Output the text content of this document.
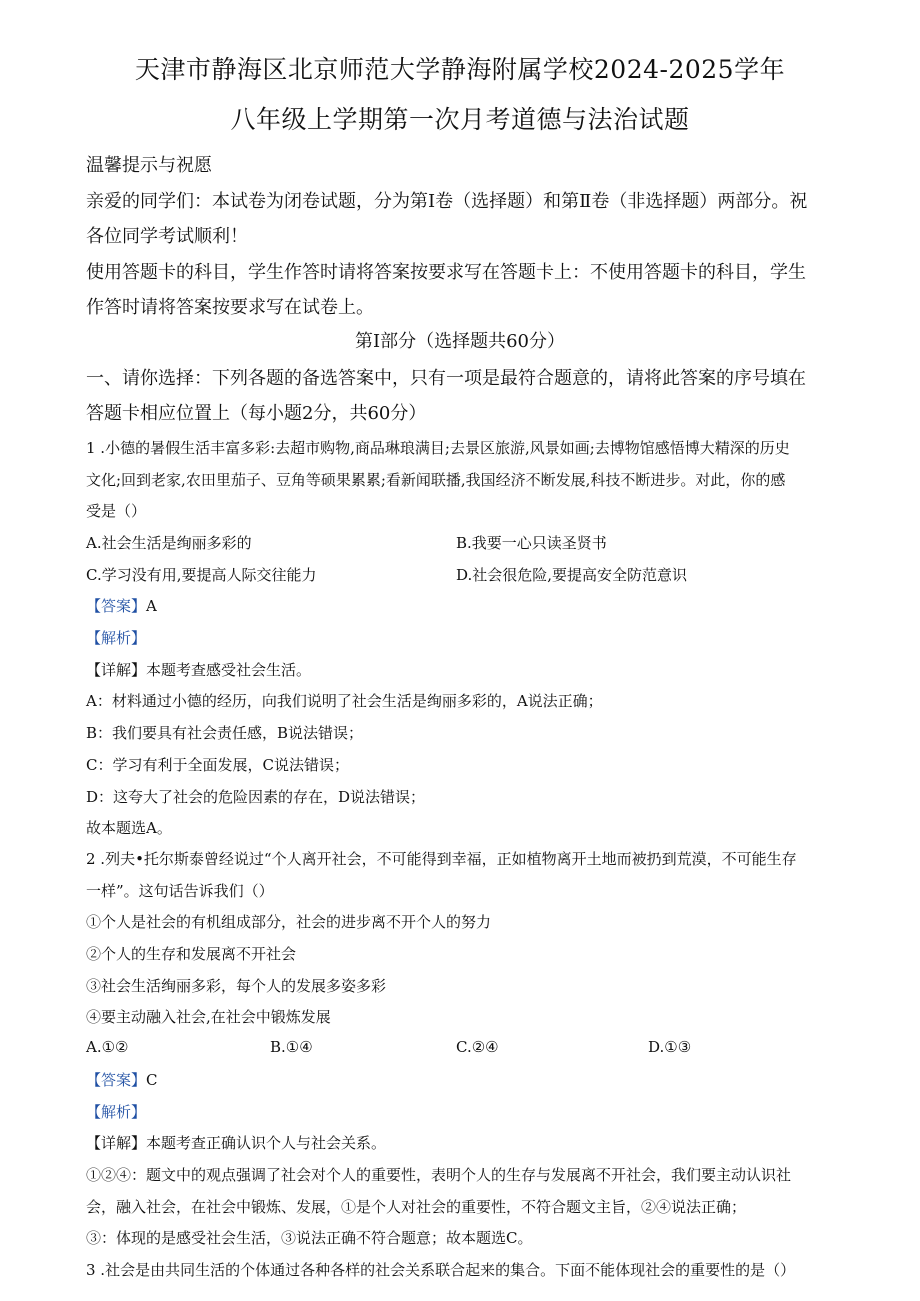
天津市静海区北京师范大学静海附属学校2024-2025学年
八年级上学期第一次月考道德与法治试题
温馨提示与祝愿
亲爱的同学们：本试卷为闭卷试题，分为第Ⅰ卷（选择题）和第Ⅱ卷（非选择题）两部分。祝
各位同学考试顺利！
使用答题卡的科目，学生作答时请将答案按要求写在答题卡上：不使用答题卡的科目，学生
作答时请将答案按要求写在试卷上。
第Ⅰ部分（选择题共60分）
一、请你选择：下列各题的备选答案中，只有一项是最符合题意的，请将此答案的序号填在
答题卡相应位置上（每小题2分，共60分）
1 .小德的暑假生活丰富多彩:去超市购物,商品琳琅满目;去景区旅游,风景如画;去博物馆感悟博大精深的历史
文化;回到老家,农田里茄子、豆角等硕果累累;看新闻联播,我国经济不断发展,科技不断进步。对此，你的感
受是（）
A.社会生活是绚丽多彩的	B.我要一心只读圣贤书
C.学习没有用,要提高人际交往能力	D.社会很危险,要提高安全防范意识
【答案】A
【解析】
【详解】本题考查感受社会生活。
A：材料通过小德的经历，向我们说明了社会生活是绚丽多彩的，A说法正确；
B：我们要具有社会责任感，B说法错误；
C：学习有利于全面发展，C说法错误；
D：这夸大了社会的危险因素的存在，D说法错误；
故本题选A。
2 .列夫•托尔斯泰曾经说过“个人离开社会，不可能得到幸福，正如植物离开土地而被扔到荒漠，不可能生存
一样”。这句话告诉我们（）
①个人是社会的有机组成部分，社会的进步离不开个人的努力
②个人的生存和发展离不开社会
③社会生活绚丽多彩，每个人的发展多姿多彩
④要主动融入社会,在社会中锻炼发展
A.①②	B.①④	C.②④	D.①③
【答案】C
【解析】
【详解】本题考查正确认识个人与社会关系。
①②④：题文中的观点强调了社会对个人的重要性，表明个人的生存与发展离不开社会，我们要主动认识社
会，融入社会，在社会中锻炼、发展，①是个人对社会的重要性，不符合题文主旨，②④说法正确；
③：体现的是感受社会生活，③说法正确不符合题意；故本题选C。
3 .社会是由共同生活的个体通过各种各样的社会关系联合起来的集合。下面不能体现社会的重要性的是（）
